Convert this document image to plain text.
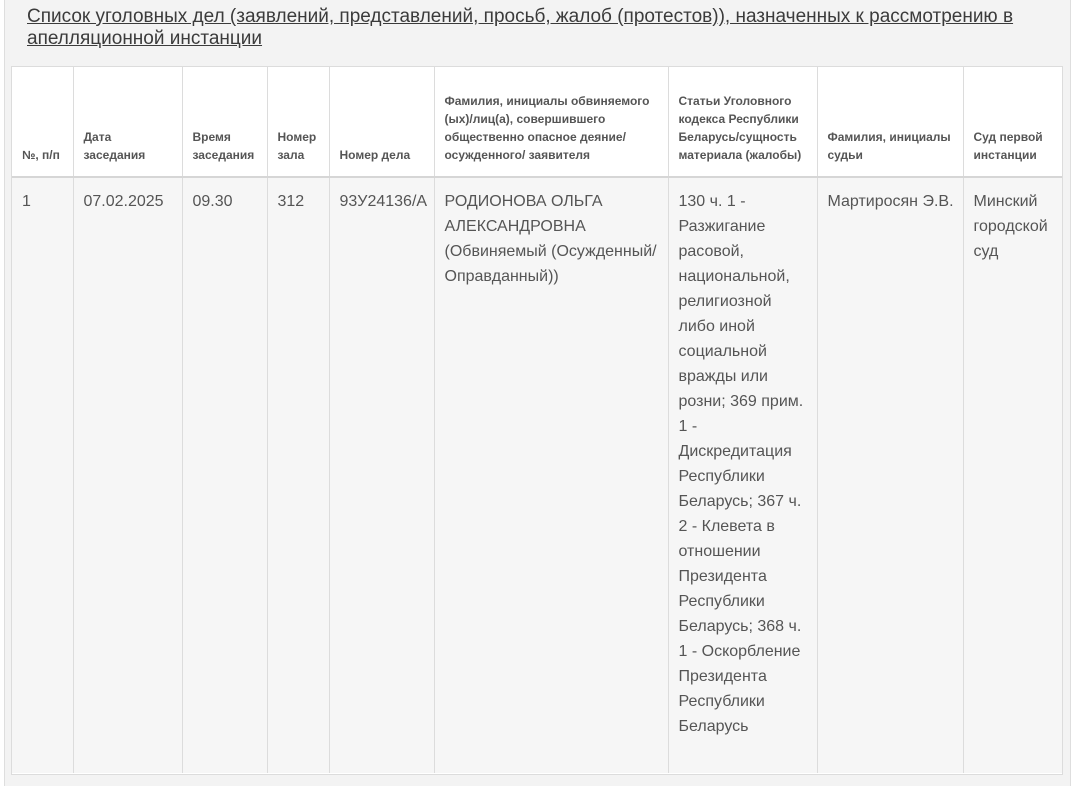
Список уголовных дел (заявлений, представлений, просьб, жалоб (протестов)), назначенных к рассмотрению в апелляционной инстанции
№, п/п	Дата заседания	Время заседания	Номер зала	Номер дела	Фамилия, инициалы обвиняемого (ых)/лиц(а), совершившего общественно опасное деяние/осужденного/ заявителя	Статьи Уголовного кодекса Республики Беларусь/сущность материала (жалобы)	Фамилия, инициалы судьи	Суд первой инстанции
1	07.02.2025	09.30	312	93У24136/А	РОДИОНОВА ОЛЬГА АЛЕКСАНДРОВНА (Обвиняемый (Осужденный/ Оправданный))	130 ч. 1 - Разжигание расовой, национальной, религиозной либо иной социальной вражды или розни; 369 прим. 1 - Дискредитация Республики Беларусь; 367 ч. 2 - Клевета в отношении Президента Республики Беларусь; 368 ч. 1 - Оскорбление Президента Республики Беларусь	Мартиросян Э.В.	Минский городской суд
